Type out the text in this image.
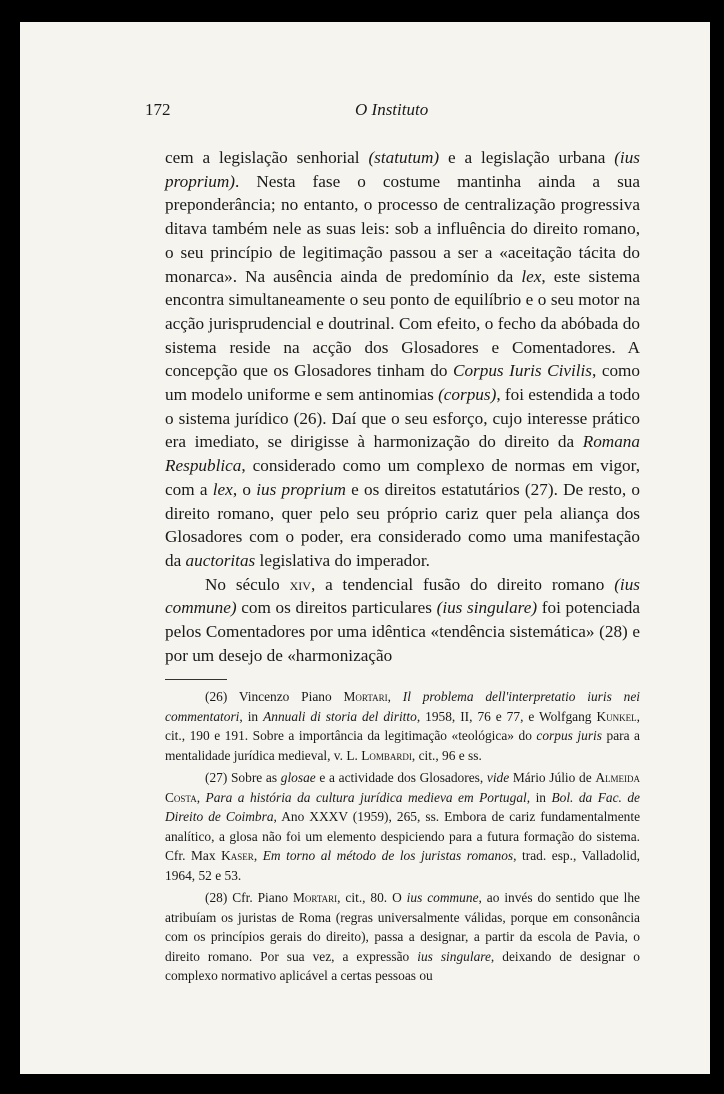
172	O Instituto

cem a legislação senhorial (statutum) e a legislação urbana (ius proprium). Nesta fase o costume mantinha ainda a sua preponderância; no entanto, o processo de centralização progressiva ditava também nele as suas leis: sob a influência do direito romano, o seu princípio de legitimação passou a ser a «aceitação tácita do monarca». Na ausência ainda de predomínio da lex, este sistema encontra simultaneamente o seu ponto de equilíbrio e o seu motor na acção jurisprudencial e doutrinal. Com efeito, o fecho da abóbada do sistema reside na acção dos Glosadores e Comentadores. A concepção que os Glosadores tinham do Corpus Iuris Civilis, como um modelo uniforme e sem antinomias (corpus), foi estendida a todo o sistema jurídico (26). Daí que o seu esforço, cujo interesse prático era imediato, se dirigisse à harmonização do direito da Romana Respublica, considerado como um complexo de normas em vigor, com a lex, o ius proprium e os direitos estatutários (27). De resto, o direito romano, quer pelo seu próprio cariz quer pela aliança dos Glosadores com o poder, era considerado como uma manifestação da auctoritas legislativa do imperador.

No século xiv, a tendencial fusão do direito romano (ius commune) com os direitos particulares (ius singulare) foi potenciada pelos Comentadores por uma idêntica «tendência sistemática» (28) e por um desejo de «harmonização

(26) Vincenzo Piano Mortari, Il problema dell'interpretatio iuris nei commentatori, in Annuali di storia del diritto, 1958, II, 76 e 77, e Wolfgang Kunkel, cit., 190 e 191. Sobre a importância da legitimação «teológica» do corpus juris para a mentalidade jurídica medieval, v. L. Lombardi, cit., 96 e ss.

(27) Sobre as glosae e a actividade dos Glosadores, vide Mário Júlio de Almeida Costa, Para a história da cultura jurídica medieva em Portugal, in Bol. da Fac. de Direito de Coimbra, Ano XXXV (1959), 265, ss. Embora de cariz fundamentalmente analítico, a glosa não foi um elemento despiciendo para a futura formação do sistema. Cfr. Max Kaser, Em torno al método de los juristas romanos, trad. esp., Valladolid, 1964, 52 e 53.

(28) Cfr. Piano Mortari, cit., 80. O ius commune, ao invés do sentido que lhe atribuíam os juristas de Roma (regras universalmente válidas, porque em consonância com os princípios gerais do direito), passa a designar, a partir da escola de Pavia, o direito romano. Por sua vez, a expressão ius singulare, deixando de designar o complexo normativo aplicável a certas pessoas ou
